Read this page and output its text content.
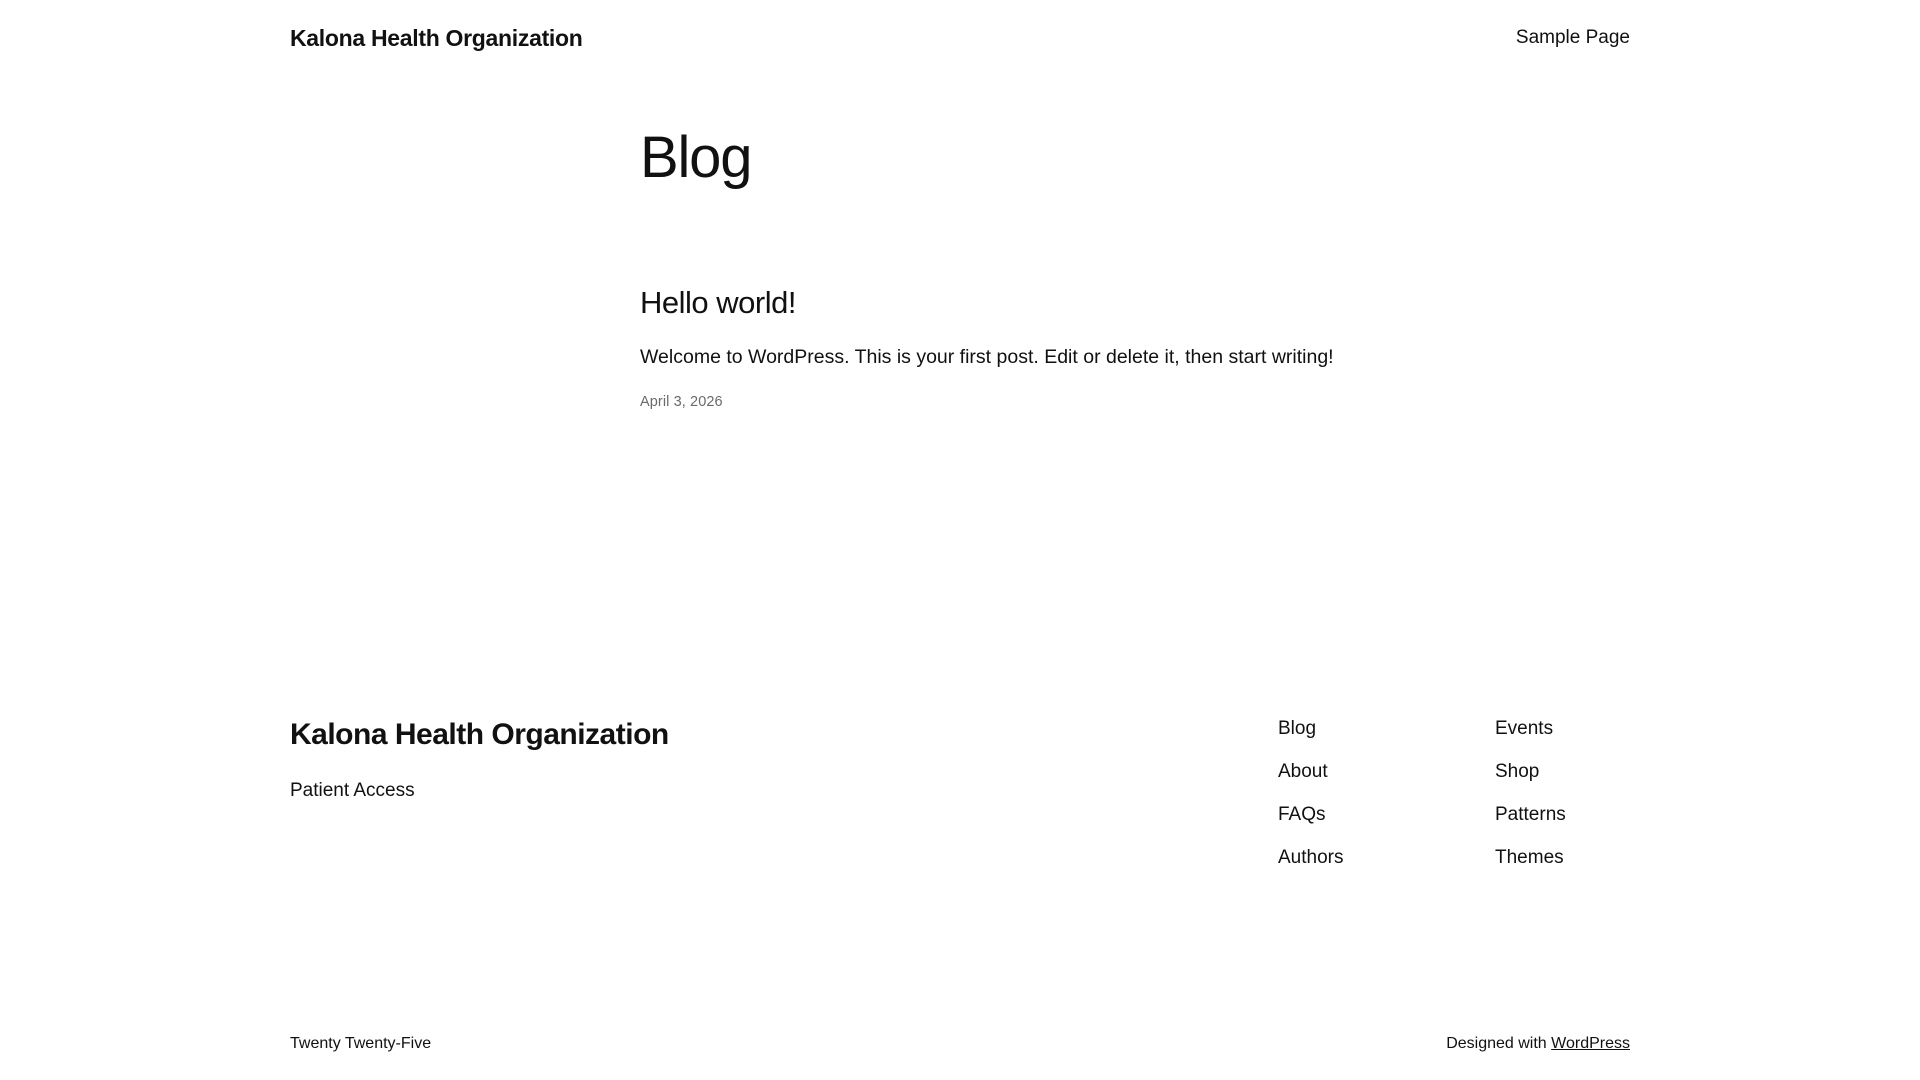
Kalona Health Organization	Sample Page
Blog
Hello world!

Welcome to WordPress. This is your first post. Edit or delete it, then start writing!

April 3, 2026
Kalona Health Organization

Patient Access

Blog
About
FAQs
Authors
Events
Shop
Patterns
Themes
Twenty Twenty-Five	Designed with WordPress
